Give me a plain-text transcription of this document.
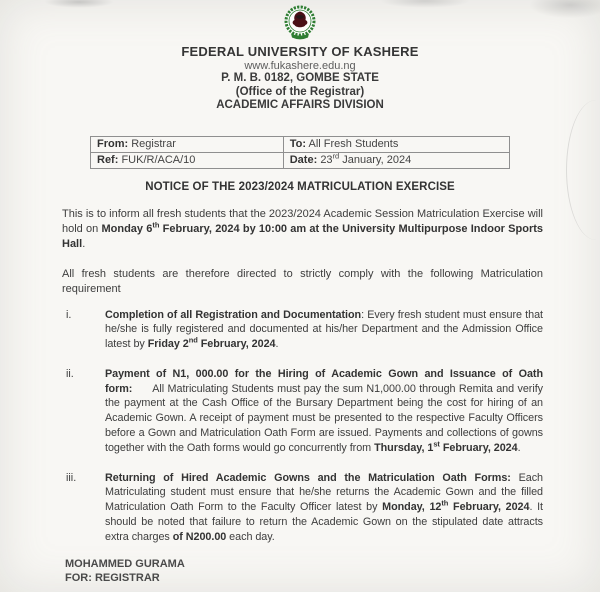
FEDERAL UNIVERSITY OF KASHERE
www.fukashere.edu.ng
P. M. B. 0182, GOMBE STATE
(Office of the Registrar)
ACADEMIC AFFAIRS DIVISION
From: Registrar	To: All Fresh Students
Ref: FUK/R/ACA/10	Date: 23rd January, 2024
NOTICE OF THE 2023/2024 MATRICULATION EXERCISE

This is to inform all fresh students that the 2023/2024 Academic Session Matriculation Exercise will hold on Monday 6th February, 2024 by 10:00 am at the University Multipurpose Indoor Sports Hall.

All fresh students are therefore directed to strictly comply with the following Matriculation requirement

i.	Completion of all Registration and Documentation: Every fresh student must ensure that he/she is fully registered and documented at his/her Department and the Admission Office latest by Friday 2nd February, 2024.
ii.	Payment of N1, 000.00 for the Hiring of Academic Gown and Issuance of Oath form:      All Matriculating Students must pay the sum N1,000.00 through Remita and verify the payment at the Cash Office of the Bursary Department being the cost for hiring of an Academic Gown. A receipt of payment must be presented to the respective Faculty Officers before a Gown and Matriculation Oath Form are issued. Payments and collections of gowns together with the Oath forms would go concurrently from Thursday, 1st February, 2024.
iii.	Returning of Hired Academic Gowns and the Matriculation Oath Forms: Each Matriculating student must ensure that he/she returns the Academic Gown and the filled Matriculation Oath Form to the Faculty Officer latest by Monday, 12th February, 2024. It should be noted that failure to return the Academic Gown on the stipulated date attracts extra charges of N200.00 each day.
MOHAMMED GURAMA
FOR: REGISTRAR
